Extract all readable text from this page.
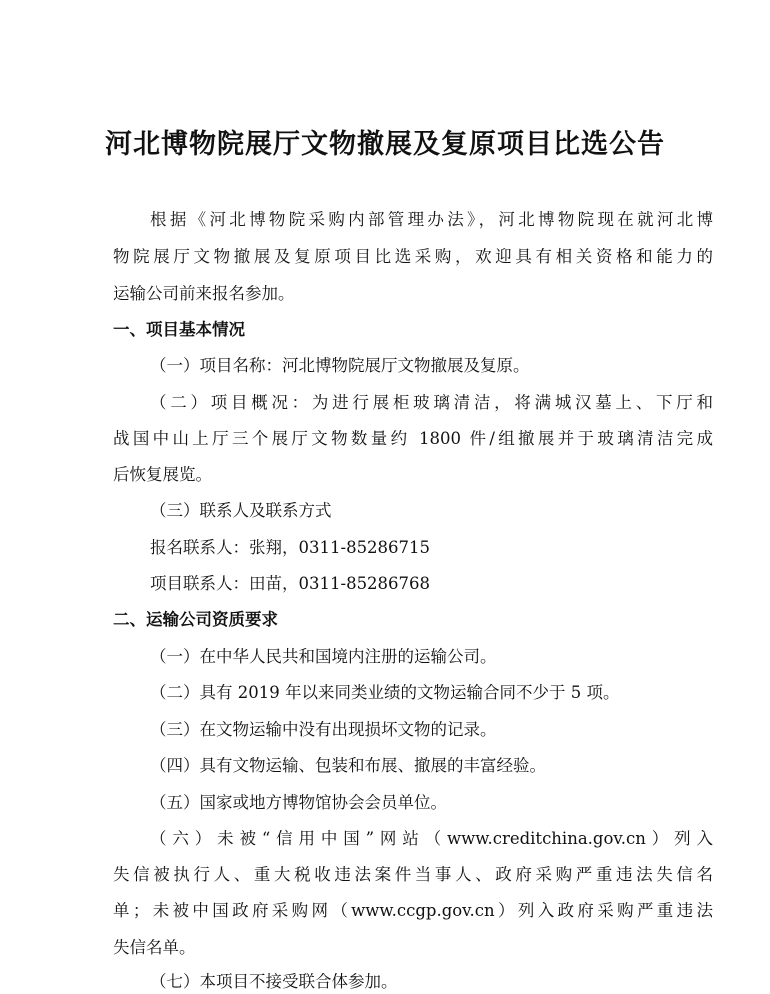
河北博物院展厅文物撤展及复原项目比选公告

根据《河北博物院采购内部管理办法》，河北博物院现在就河北博

物院展厅文物撤展及复原项目比选采购，欢迎具有相关资格和能力的

运输公司前来报名参加。

一、项目基本情况

（一）项目名称：河北博物院展厅文物撤展及复原。

（二）项目概况：为进行展柜玻璃清洁，将满城汉墓上、下厅和

战国中山上厅三个展厅文物数量约 1800 件/组撤展并于玻璃清洁完成

后恢复展览。

（三）联系人及联系方式

报名联系人：张翔，0311-85286715

项目联系人：田苗，0311-85286768

二、运输公司资质要求

（一）在中华人民共和国境内注册的运输公司。

（二）具有 2019 年以来同类业绩的文物运输合同不少于 5 项。

（三）在文物运输中没有出现损坏文物的记录。

（四）具有文物运输、包装和布展、撤展的丰富经验。

（五）国家或地方博物馆协会会员单位。

（六）未被“信用中国”网站（www.creditchina.gov.cn）列入

失信被执行人、重大税收违法案件当事人、政府采购严重违法失信名

单；未被中国政府采购网（www.ccgp.gov.cn）列入政府采购严重违法

失信名单。

（七）本项目不接受联合体参加。
